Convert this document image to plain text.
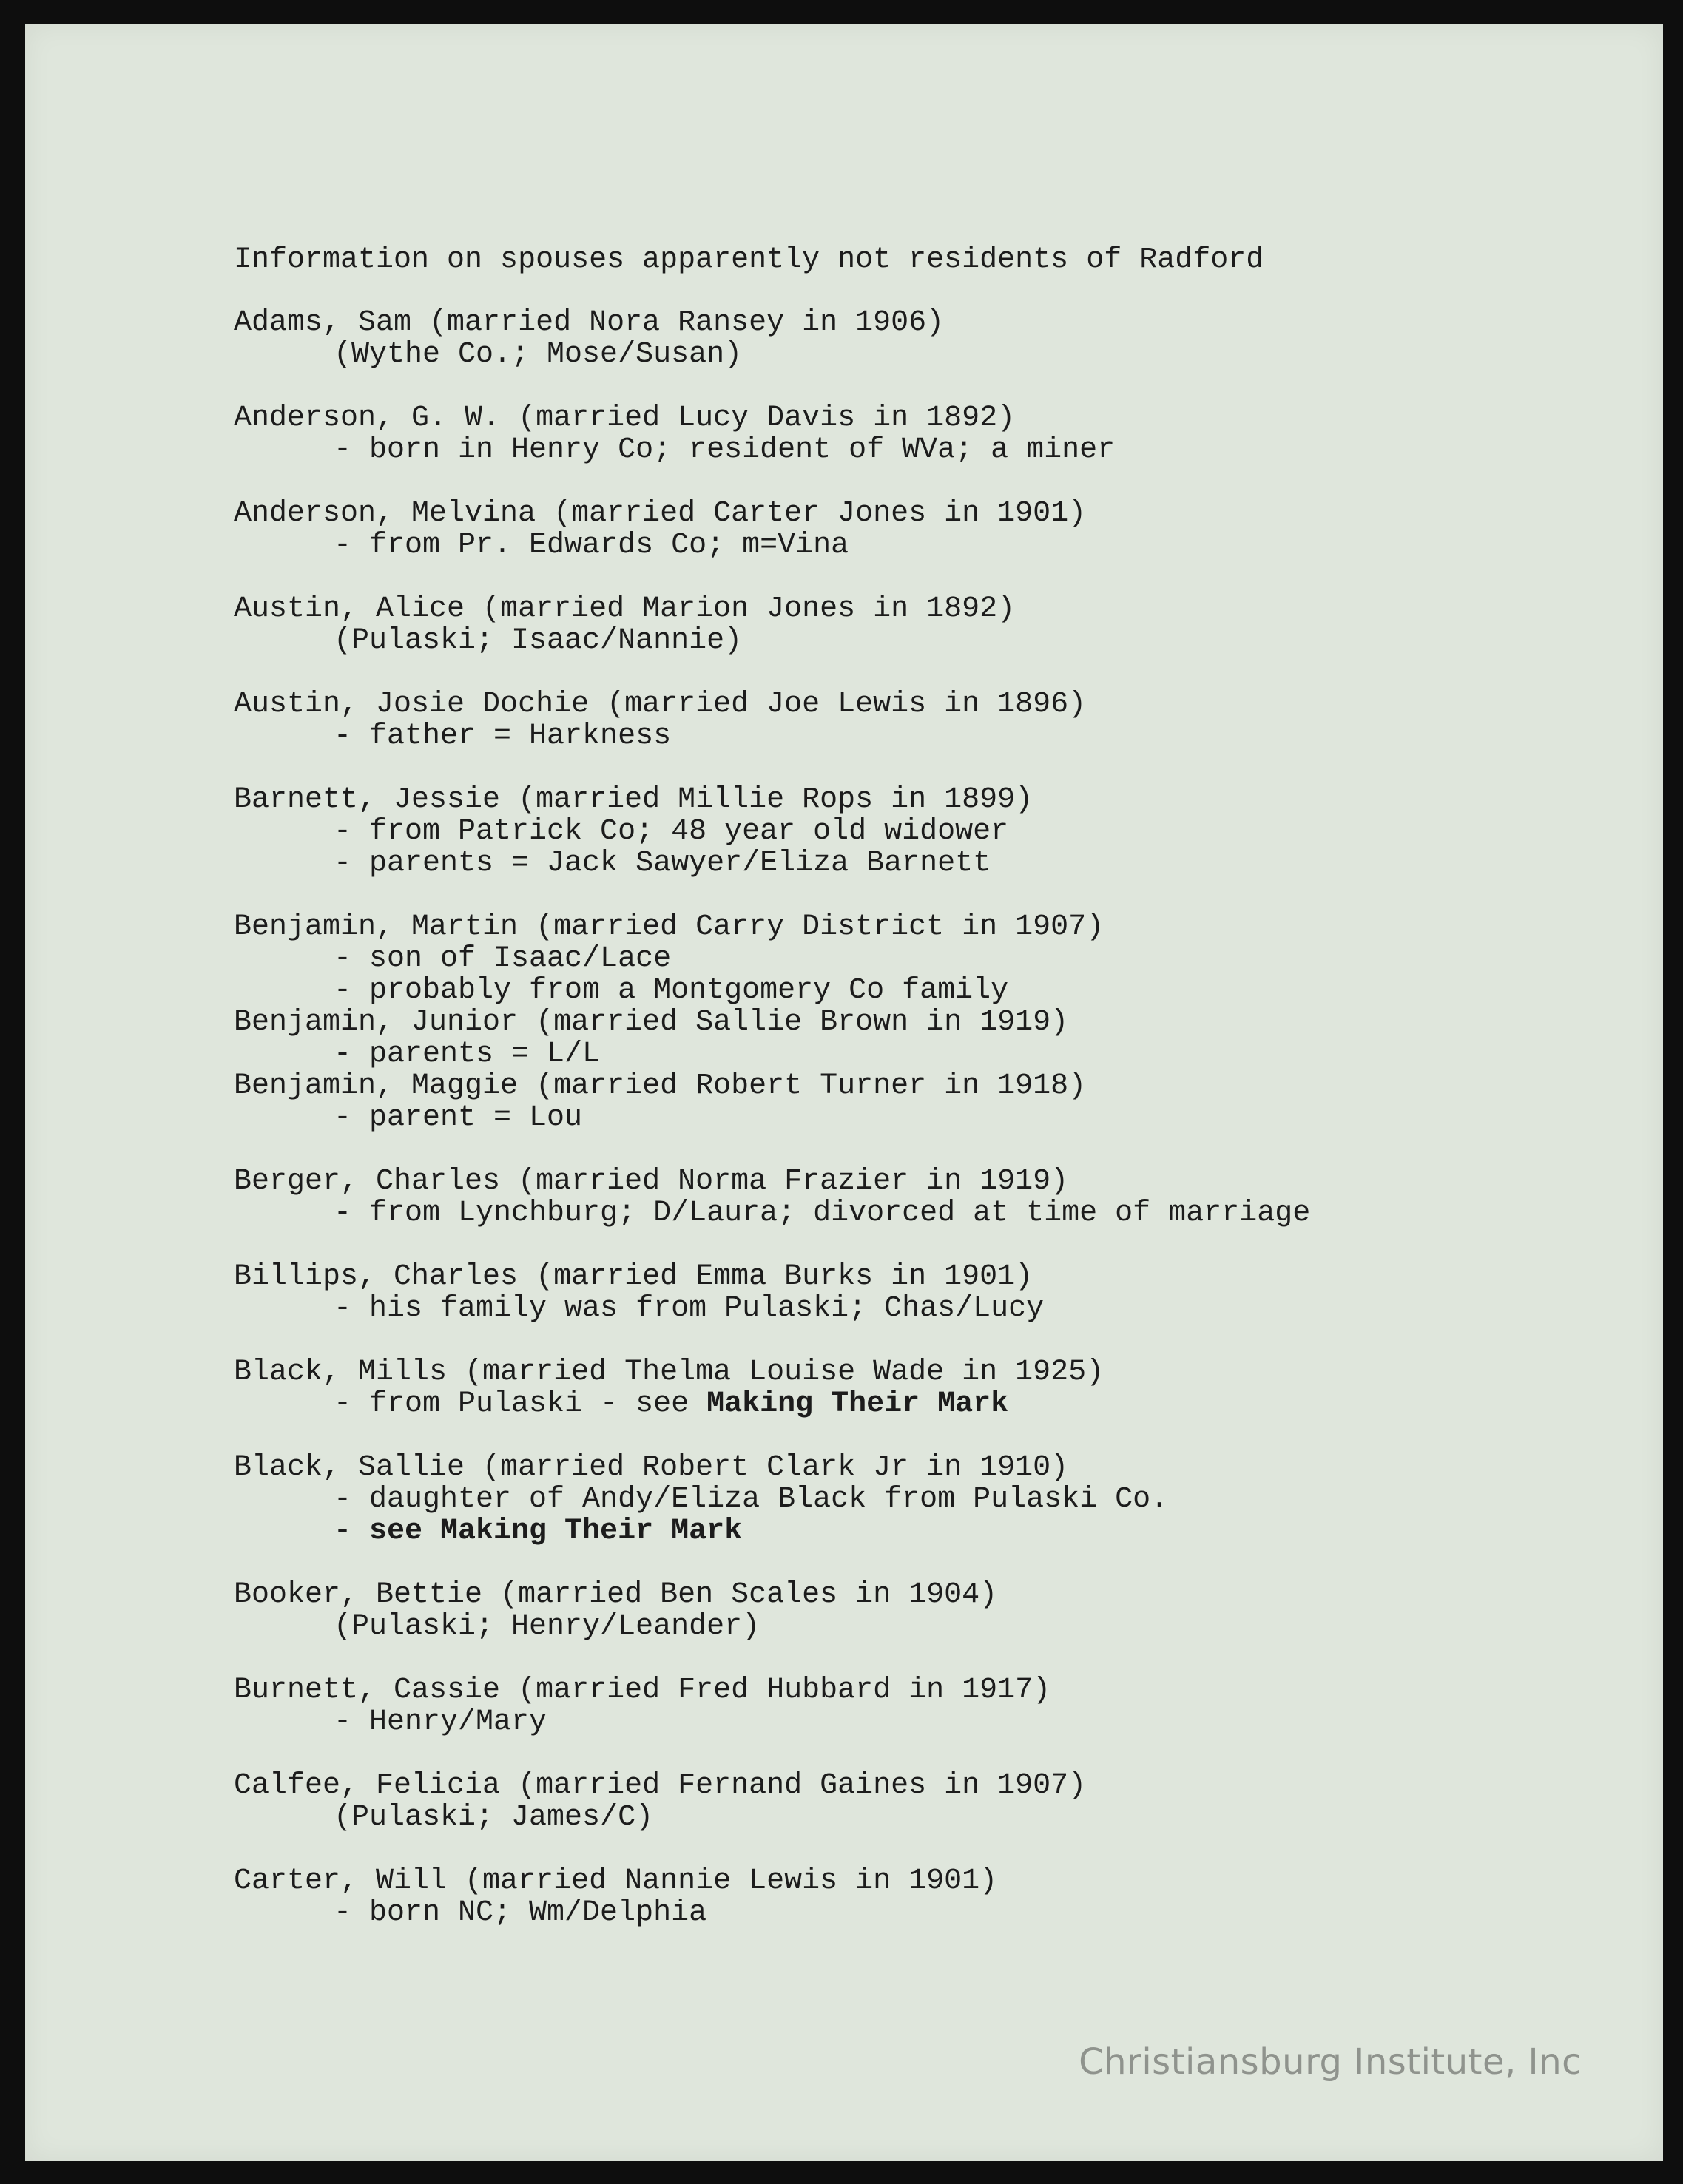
Information on spouses apparently not residents of Radford
Adams, Sam (married Nora Ransey in 1906)
(Wythe Co.; Mose/Susan)
Anderson, G. W. (married Lucy Davis in 1892)
- born in Henry Co; resident of WVa; a miner
Anderson, Melvina (married Carter Jones in 1901)
- from Pr. Edwards Co; m=Vina
Austin, Alice (married Marion Jones in 1892)
(Pulaski; Isaac/Nannie)
Austin, Josie Dochie (married Joe Lewis in 1896)
- father = Harkness
Barnett, Jessie (married Millie Rops in 1899)
- from Patrick Co; 48 year old widower
- parents = Jack Sawyer/Eliza Barnett
Benjamin, Martin (married Carry District in 1907)
- son of Isaac/Lace
- probably from a Montgomery Co family
Benjamin, Junior (married Sallie Brown in 1919)
- parents = L/L
Benjamin, Maggie (married Robert Turner in 1918)
- parent = Lou
Berger, Charles (married Norma Frazier in 1919)
- from Lynchburg; D/Laura; divorced at time of marriage
Billips, Charles (married Emma Burks in 1901)
- his family was from Pulaski; Chas/Lucy
Black, Mills (married Thelma Louise Wade in 1925)
- from Pulaski - see Making Their Mark
Black, Sallie (married Robert Clark Jr in 1910)
- daughter of Andy/Eliza Black from Pulaski Co.
- see Making Their Mark
Booker, Bettie (married Ben Scales in 1904)
(Pulaski; Henry/Leander)
Burnett, Cassie (married Fred Hubbard in 1917)
- Henry/Mary
Calfee, Felicia (married Fernand Gaines in 1907)
(Pulaski; James/C)
Carter, Will (married Nannie Lewis in 1901)
- born NC; Wm/Delphia
Christiansburg Institute, Inc
